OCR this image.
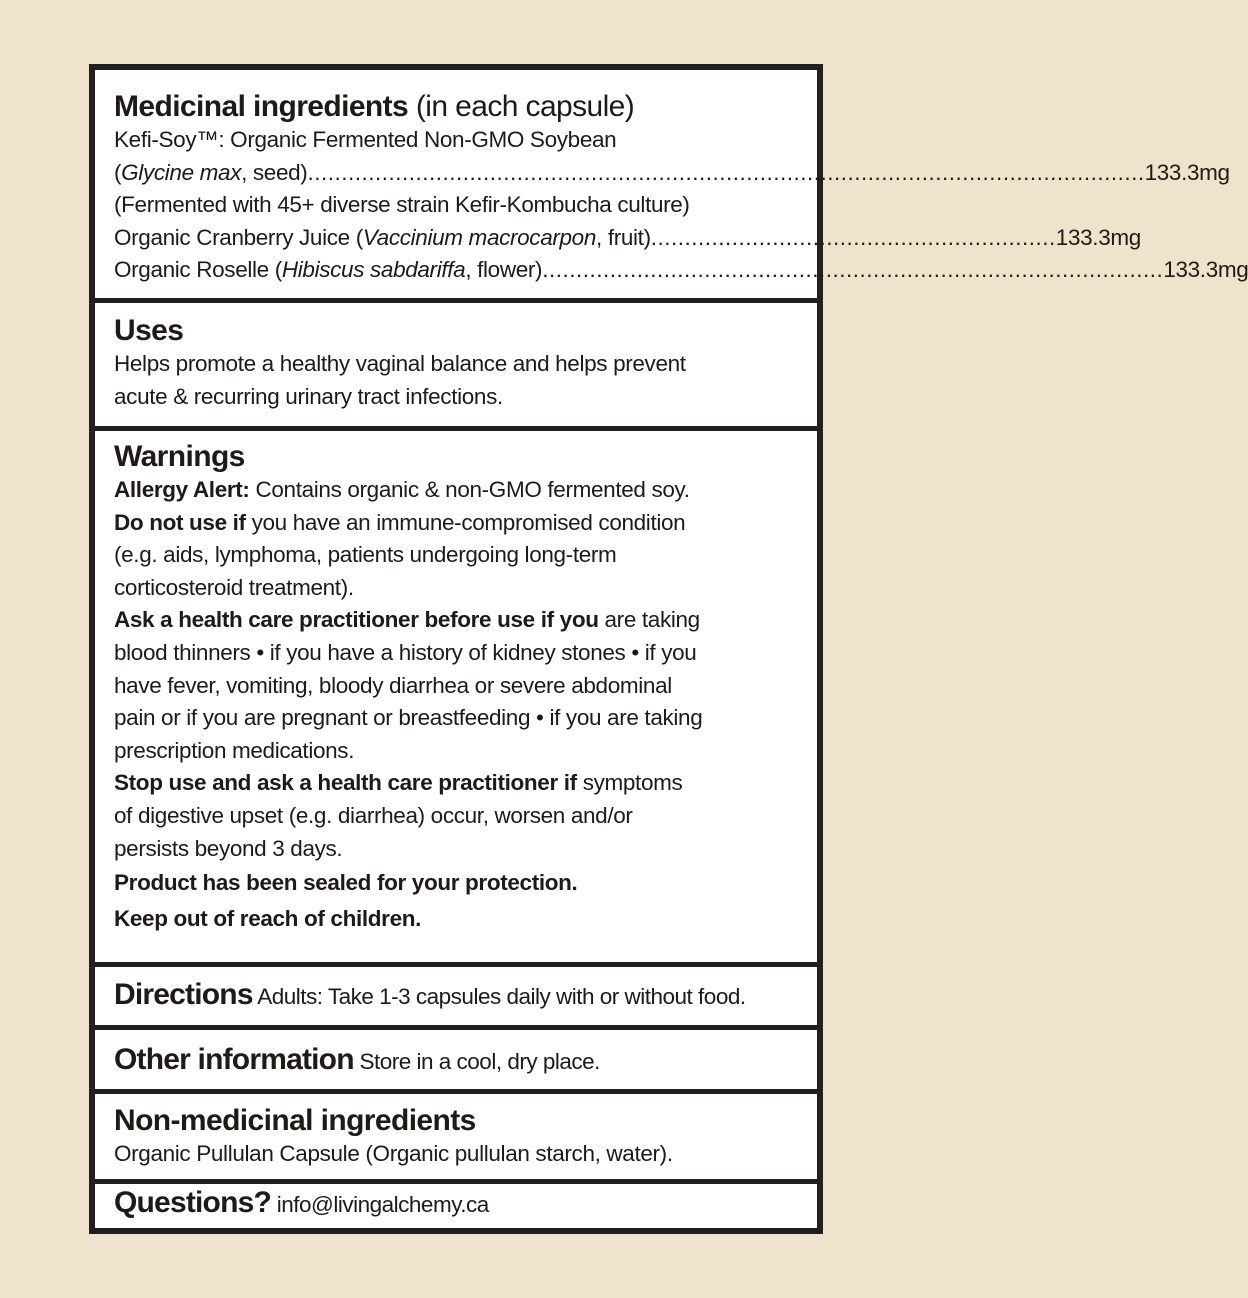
Medicinal ingredients (in each capsule)
Kefi-Soy™: Organic Fermented Non-GMO Soybean
(Glycine max, seed) ............................................................................................................................ 133.3mg
(Fermented with 45+ diverse strain Kefir-Kombucha culture)
Organic Cranberry Juice (Vaccinium macrocarpon, fruit) ............................................................ 133.3mg
Organic Roselle (Hibiscus sabdariffa, flower) ............................................................................................ 133.3mg
Uses
Helps promote a healthy vaginal balance and helps prevent
acute & recurring urinary tract infections.
Warnings
Allergy Alert: Contains organic & non-GMO fermented soy.
Do not use if you have an immune-compromised condition
(e.g. aids, lymphoma, patients undergoing long-term
corticosteroid treatment).
Ask a health care practitioner before use if you are taking
blood thinners • if you have a history of kidney stones • if you
have fever, vomiting, bloody diarrhea or severe abdominal
pain or if you are pregnant or breastfeeding • if you are taking
prescription medications.
Stop use and ask a health care practitioner if symptoms
of digestive upset (e.g. diarrhea) occur, worsen and/or
persists beyond 3 days.
Product has been sealed for your protection.
Keep out of reach of children.
Directions Adults: Take 1-3 capsules daily with or without food.
Other information Store in a cool, dry place.
Non-medicinal ingredients
Organic Pullulan Capsule (Organic pullulan starch, water).
Questions? info@livingalchemy.ca
